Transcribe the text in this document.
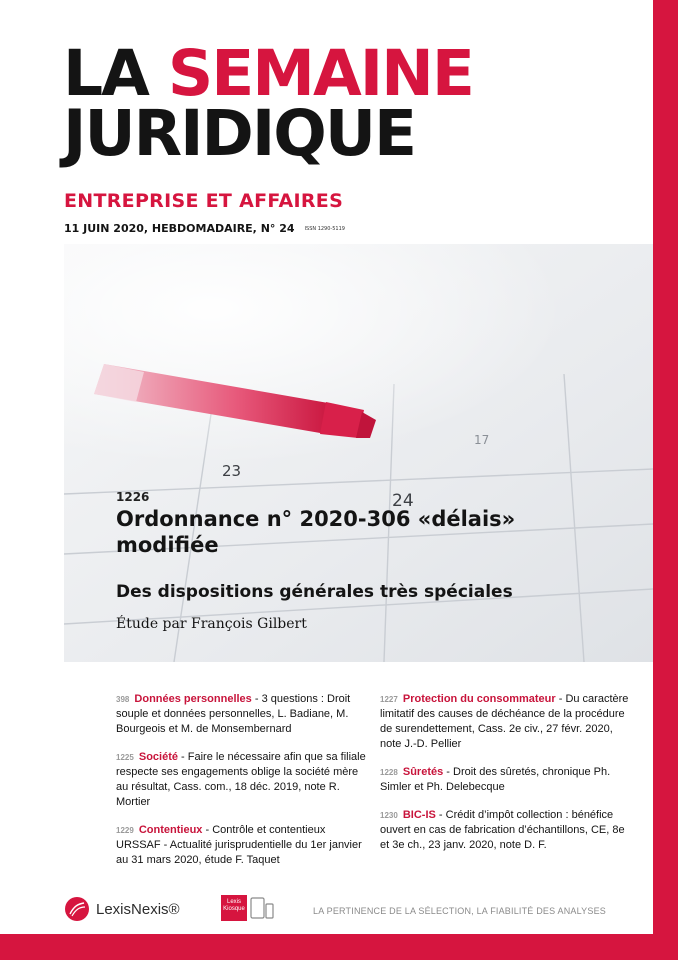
LA SEMAINE
JURIDIQUE
ENTREPRISE ET AFFAIRES
11 JUIN 2020, HEBDOMADAIRE, N° 24 ISSN 1290-5119
23
24
17
1226
Ordonnance n° 2020-306 «délais» modifiée
Des dispositions générales très spéciales
Étude par François Gilbert

398 Données personnelles - 3 questions : Droit souple et données personnelles, L. Badiane, M. Bourgeois et M. de Monsembernard

1225 Société - Faire le nécessaire afin que sa filiale respecte ses engagements oblige la société mère au résultat, Cass. com., 18 déc. 2019, note R. Mortier

1229 Contentieux - Contrôle et contentieux URSSAF - Actualité jurisprudentielle du 1er janvier au 31 mars 2020, étude F. Taquet

1227 Protection du consommateur - Du caractère limitatif des causes de déchéance de la procédure de surendettement, Cass. 2e civ., 27 févr. 2020, note J.-D. Pellier

1228 Sûretés - Droit des sûretés, chronique Ph. Simler et Ph. Delebecque

1230 BIC-IS - Crédit d’impôt collection : bénéfice ouvert en cas de fabrication d’échantillons, CE, 8e et 3e ch., 23 janv. 2020, note D. F.

LexisNexis®	Lexis
Kiosque	LA PERTINENCE DE LA SÉLECTION, LA FIABILITÉ DES ANALYSES
